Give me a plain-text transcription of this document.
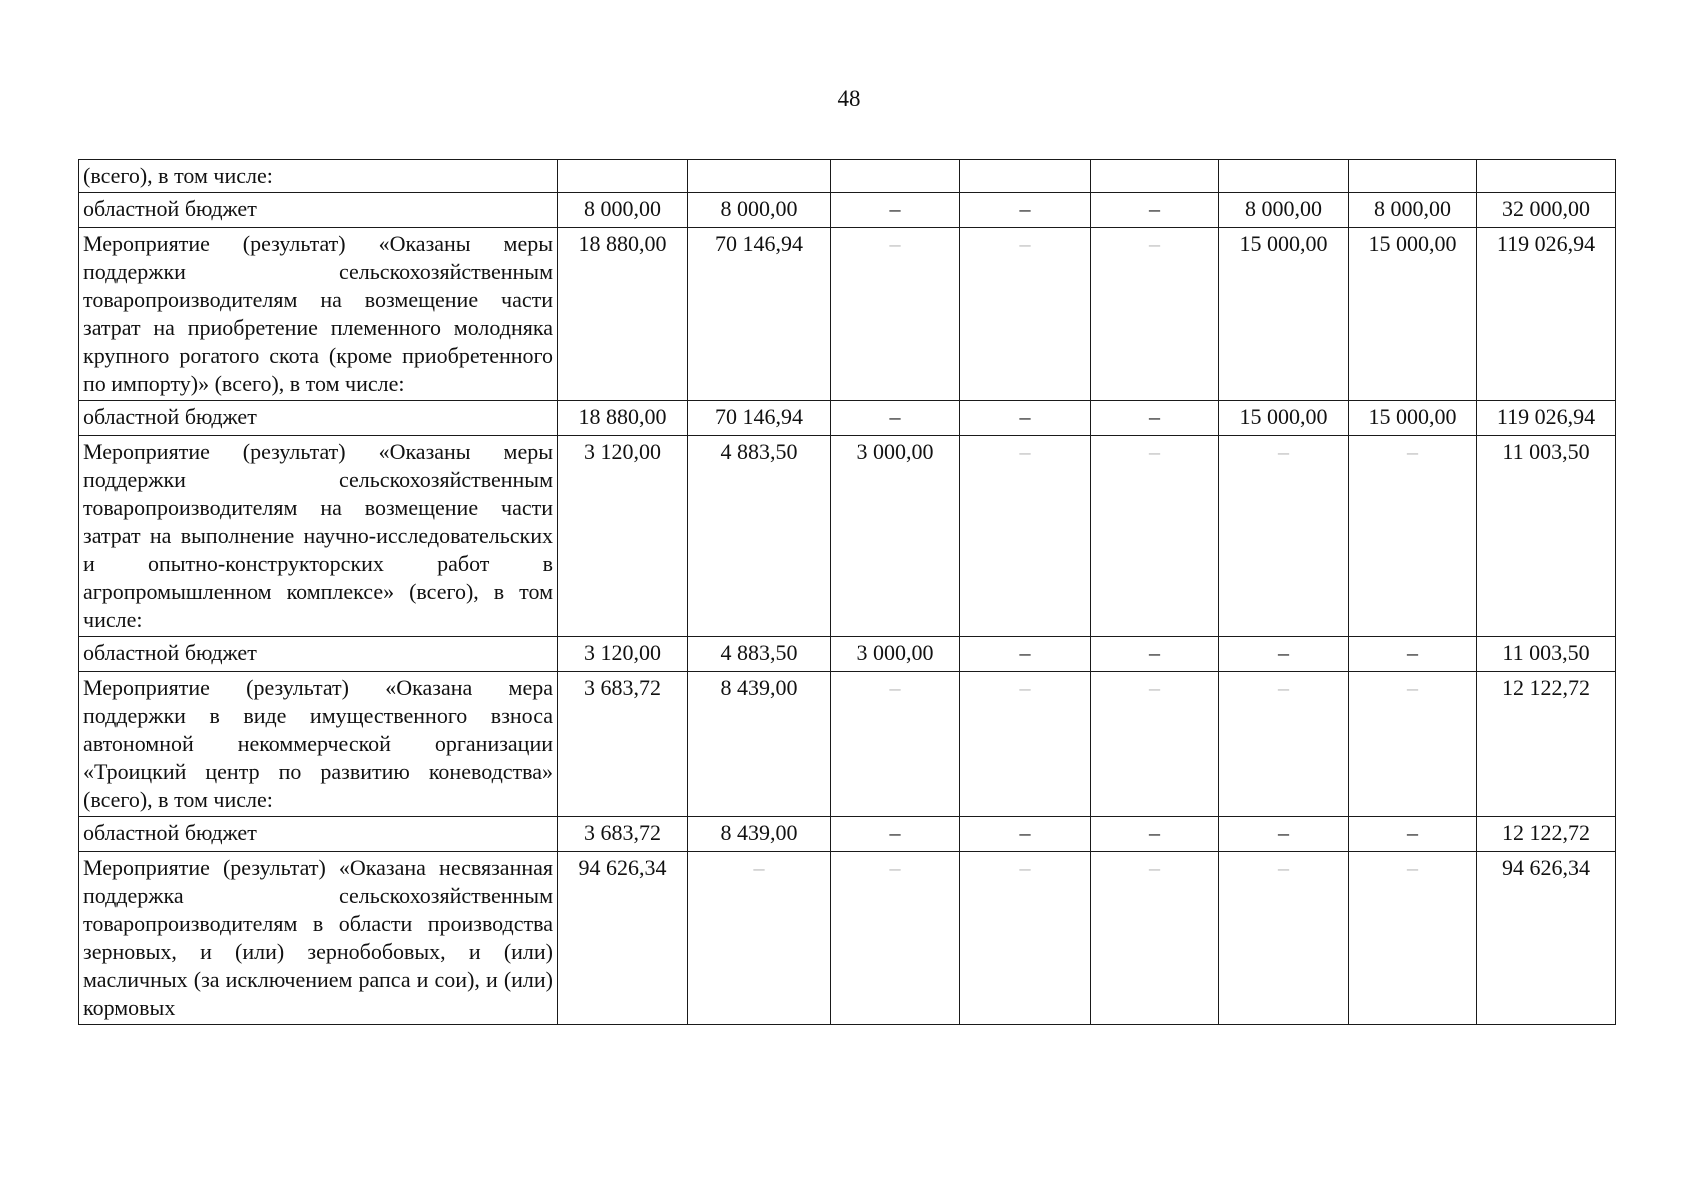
48
(всего), в том числе:								
областной бюджет	8 000,00	8 000,00	–	–	–	8 000,00	8 000,00	32 000,00
Мероприятие (результат) «Оказаны меры поддержки сельскохозяйственным товаропроизводителям на возмещение части затрат на приобретение племенного молодняка крупного рогатого скота (кроме приобретенного по импорту)» (всего), в том числе:	18 880,00	70 146,94	–	–	–	15 000,00	15 000,00	119 026,94
областной бюджет	18 880,00	70 146,94	–	–	–	15 000,00	15 000,00	119 026,94
Мероприятие (результат) «Оказаны меры поддержки сельскохозяйственным товаропроизводителям на возмещение части затрат на выполнение научно-исследовательских и опытно-конструкторских работ в агропромышленном комплексе» (всего), в том числе:	3 120,00	4 883,50	3 000,00	–	–	–	–	11 003,50
областной бюджет	3 120,00	4 883,50	3 000,00	–	–	–	–	11 003,50
Мероприятие (результат) «Оказана мера поддержки в виде имущественного взноса автономной некоммерческой организации «Троицкий центр по развитию коневодства» (всего), в том числе:	3 683,72	8 439,00	–	–	–	–	–	12 122,72
областной бюджет	3 683,72	8 439,00	–	–	–	–	–	12 122,72
Мероприятие (результат) «Оказана несвязанная поддержка сельскохозяйственным товаропроизводителям в области производства зерновых, и (или) зернобобовых, и (или) масличных (за исключением рапса и сои), и (или) кормовых	94 626,34	–	–	–	–	–	–	94 626,34
